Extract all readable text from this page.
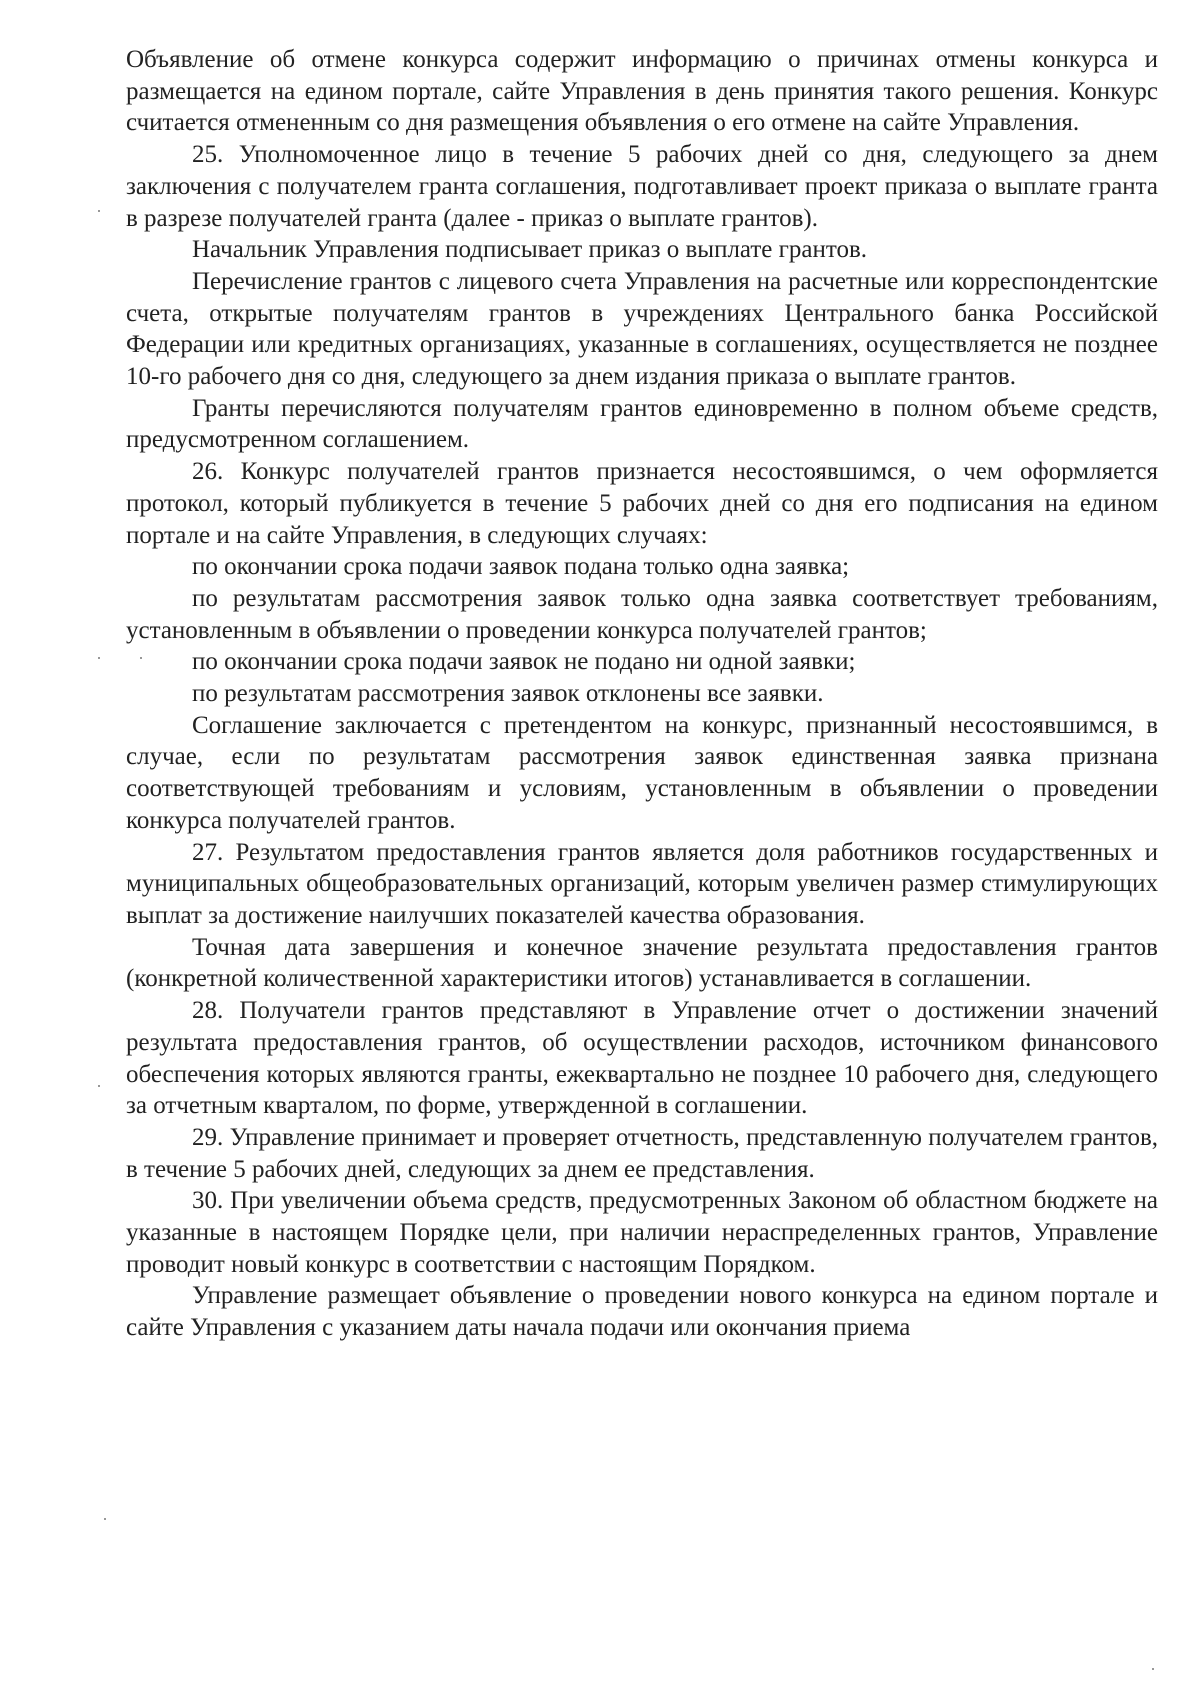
Объявление об отмене конкурса содержит информацию о причинах отмены конкурса и размещается на едином портале, сайте Управления в день принятия такого решения. Конкурс считается отмененным со дня размещения объявления о его отмене на сайте Управления.

25. Уполномоченное лицо в течение 5 рабочих дней со дня, следующего за днем заключения с получателем гранта соглашения, подготавливает проект приказа о выплате гранта в разрезе получателей гранта (далее - приказ о выплате грантов).

Начальник Управления подписывает приказ о выплате грантов.

Перечисление грантов с лицевого счета Управления на расчетные или корреспондентские счета, открытые получателям грантов в учреждениях Центрального банка Российской Федерации или кредитных организациях, указанные в соглашениях, осуществляется не позднее 10-го рабочего дня со дня, следующего за днем издания приказа о выплате грантов.

Гранты перечисляются получателям грантов единовременно в полном объеме средств, предусмотренном соглашением.

26. Конкурс получателей грантов признается несостоявшимся, о чем оформляется протокол, который публикуется в течение 5 рабочих дней со дня его подписания на едином портале и на сайте Управления, в следующих случаях:

по окончании срока подачи заявок подана только одна заявка;

по результатам рассмотрения заявок только одна заявка соответствует требованиям, установленным в объявлении о проведении конкурса получателей грантов;

по окончании срока подачи заявок не подано ни одной заявки;

по результатам рассмотрения заявок отклонены все заявки.

Соглашение заключается с претендентом на конкурс, признанный несостоявшимся, в случае, если по результатам рассмотрения заявок единственная заявка признана соответствующей требованиям и условиям, установленным в объявлении о проведении конкурса получателей грантов.

27. Результатом предоставления грантов является доля работников государственных и муниципальных общеобразовательных организаций, которым увеличен размер стимулирующих выплат за достижение наилучших показателей качества образования.

Точная дата завершения и конечное значение результата предоставления грантов (конкретной количественной характеристики итогов) устанавливается в соглашении.

28. Получатели грантов представляют в Управление отчет о достижении значений результата предоставления грантов, об осуществлении расходов, источником финансового обеспечения которых являются гранты, ежеквартально не позднее 10 рабочего дня, следующего за отчетным кварталом, по форме, утвержденной в соглашении.

29. Управление принимает и проверяет отчетность, представленную получателем грантов, в течение 5 рабочих дней, следующих за днем ее представления.

30. При увеличении объема средств, предусмотренных Законом об областном бюджете на указанные в настоящем Порядке цели, при наличии нераспределенных грантов, Управление проводит новый конкурс в соответствии с настоящим Порядком.

Управление размещает объявление о проведении нового конкурса на едином портале и сайте Управления с указанием даты начала подачи или окончания приема
